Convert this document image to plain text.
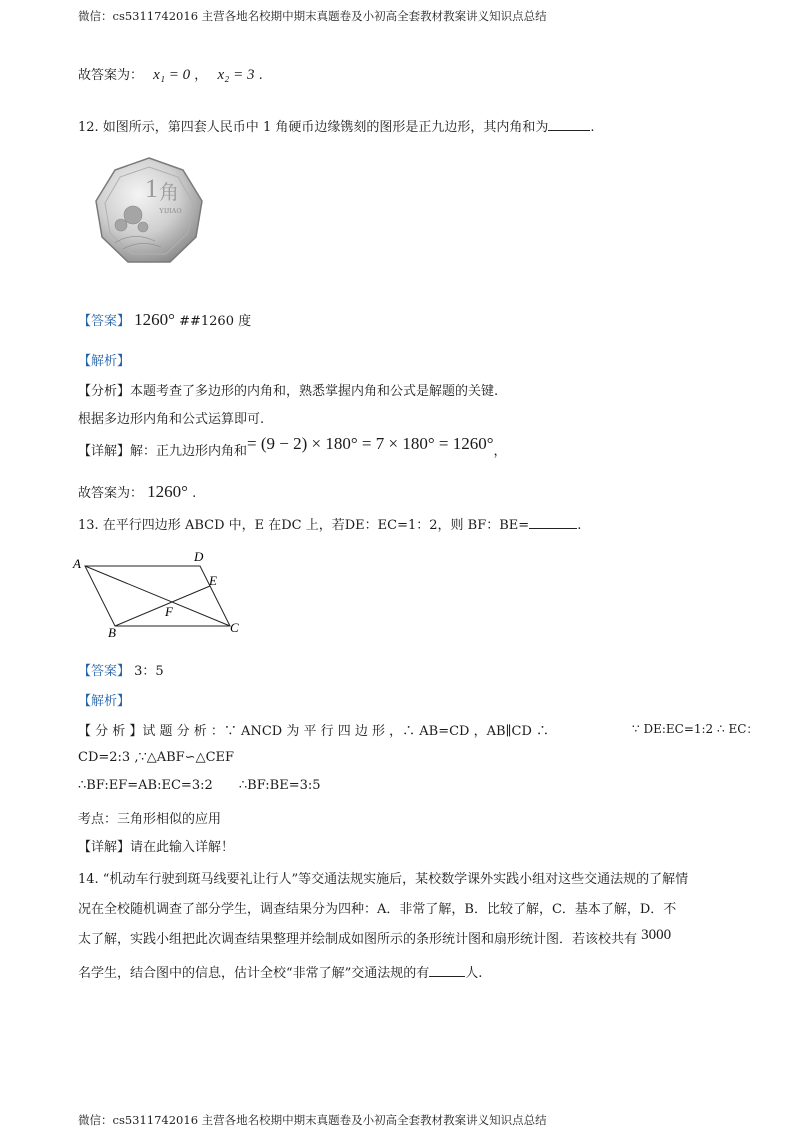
微信：cs5311742016 主营各地名校期中期末真题卷及小初高全套教材教案讲义知识点总结
故答案为： x₁ = 0 ， x₂ = 3 .
12. 如图所示，第四套人民币中 1 角硬币边缘镌刻的图形是正九边形，其内角和为	.
1 角
YIJIAO
【答案】 1260° ##1260 度
【解析】
【分析】本题考查了多边形的内角和，熟悉掌握内角和公式是解题的关键.
根据多边形内角和公式运算即可.
【详解】解：正九边形内角和= (9 − 2) × 180° = 7 × 180° = 1260°，
故答案为： 1260° .
13. 在平行四边形 ABCD 中，E 在DC 上，若DE：EC=1：2，则 BF：BE=	.
A	D
E
F
B	C
【答案】 3：5
【解析】
【 分 析 】试 题 分 析 ：∵ ANCD 为 平 行 四 边 形 ，∴ AB=CD ，AB∥CD ∴	∵ DE:EC=1:2 ∴ EC：
CD=2:3 ,∵△ABF∽△CEF
∴BF:EF=AB:EC=3:2 ∴BF:BE=3:5
考点：三角形相似的应用
【详解】请在此输入详解！
14. “机动车行驶到斑马线要礼让行人”等交通法规实施后，某校数学课外实践小组对这些交通法规的了解情
况在全校随机调查了部分学生，调查结果分为四种：A．非常了解，B．比较了解，C．基本了解，D．不
太了解，实践小组把此次调查结果整理并绘制成如图所示的条形统计图和扇形统计图．若该校共有 3000
名学生，结合图中的信息，估计全校“非常了解”交通法规的有	人.
微信：cs5311742016 主营各地名校期中期末真题卷及小初高全套教材教案讲义知识点总结
